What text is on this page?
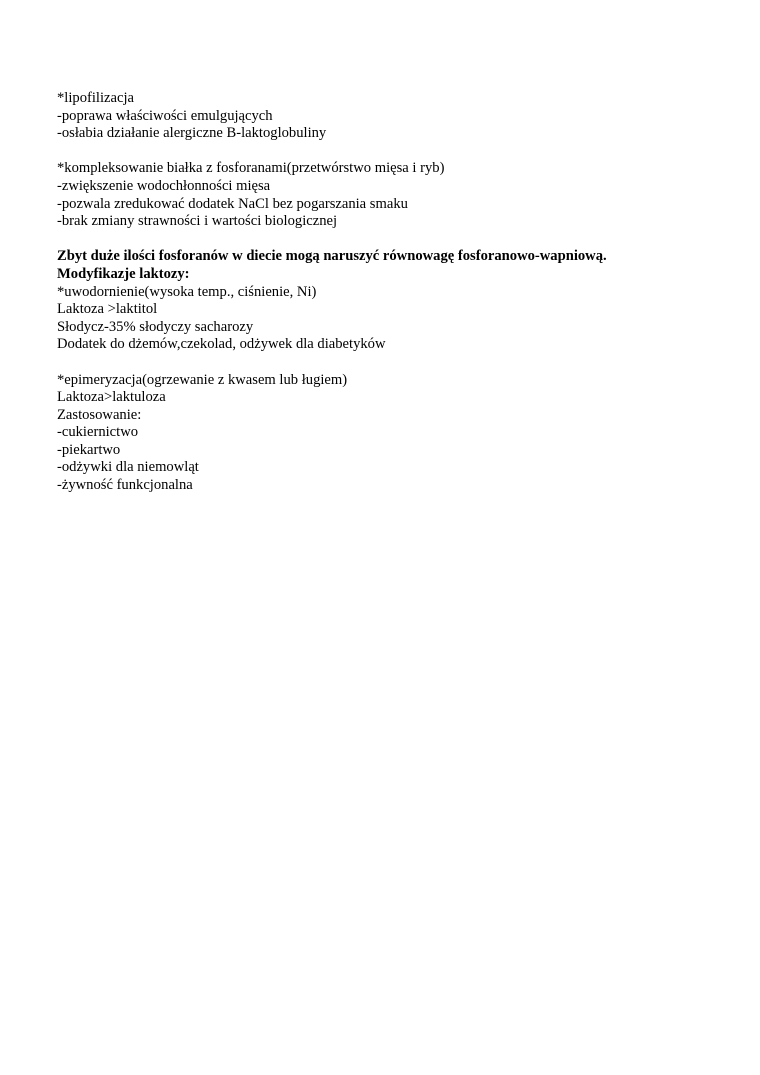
*lipofilizacja
-poprawa właściwości emulgujących
-osłabia działanie alergiczne B-laktoglobuliny
*kompleksowanie białka z fosforanami(przetwórstwo mięsa i ryb)
-zwiększenie wodochłonności mięsa
-pozwala zredukować dodatek NaCl bez pogarszania smaku
-brak zmiany strawności i wartości biologicznej
Zbyt duże ilości fosforanów w diecie mogą naruszyć równowagę fosforanowo-wapniową.
Modyfikazje laktozy:
*uwodornienie(wysoka temp., ciśnienie, Ni)
Laktoza >laktitol
Słodycz-35% słodyczy sacharozy
Dodatek do dżemów,czekolad, odżywek dla diabetyków
*epimeryzacja(ogrzewanie z kwasem lub ługiem)
Laktoza>laktuloza
Zastosowanie:
-cukiernictwo
-piekartwo
-odżywki dla niemowląt
-żywność funkcjonalna
